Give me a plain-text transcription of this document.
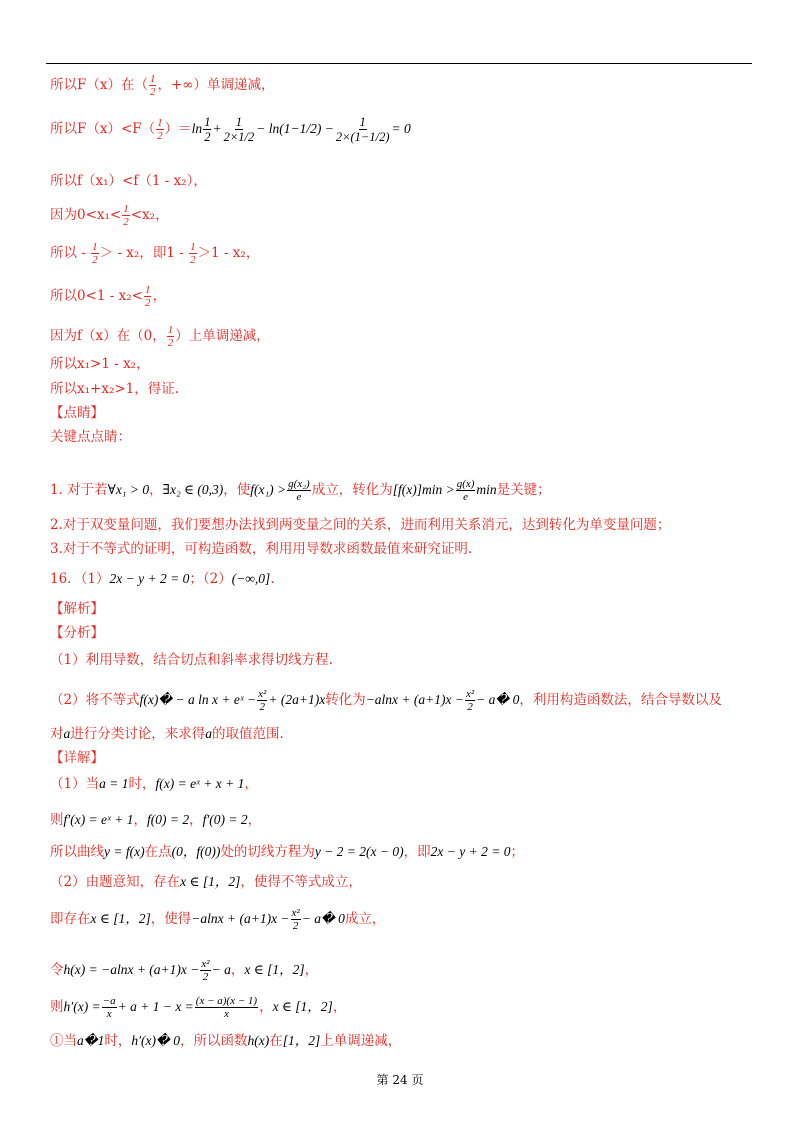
所以F（x）在（ $\frac{1}{2}$ ，+∞）单调递减，
所以$F(x)<F( \frac{1}{2} )=\ln \frac{1}{2} + \frac{1}{2\times 1/2} - \ln(1-1/2) - \frac{1}{2\times(1-1/2)} = 0$
所以f（x₁）<f（1 - x₂），
因为$0<x_1< \frac{1}{2} <x_2$，
所以 - $\frac{1}{2}$ ＞ - x₂，即$1 - \frac{1}{2} >1 - x_2$，
所以$0<1 - x_2< \frac{1}{2}$ ，
因为f（x）在（0， $\frac{1}{2}$ ）上单调递减，
所以x₁>1 - x₂，
所以x₁+x₂>1，得证.
【点睛】
关键点点睛：
1. 对于若∀x₁ > 0，∃x₂ ∈ (0,3)，使$f(x_1) > \frac{\text{g(x₂)}}{e}$ 成立，转化为$[f(x)]\min > \frac{g(x)}{e}$ min是关键；
2.对于双变量问题，我们要想办法找到两变量之间的关系，进而利用关系消元，达到转化为单变量问题；
3.对于不等式的证明，可构造函数，利用用导数求函数最值来研究证明.
16．（1）2x − y + 2 = 0；（2）(−∞,0].
【解析】
【分析】
（1）利用导数，结合切点和斜率求得切线方程.
（2）将不等式f(x)� − a ln x + eˣ − $\frac{\text{x²}}{2} + (2a+1)x$转化为$-alnx + (a+1)x - \frac{\text{x²}}{2}$ − a� 0，利用构造函数法，结合导数以及
对a进行分类讨论，来求得a的取值范围.
【详解】
（1）当a = 1时，f(x) = eˣ + x + 1，
则f′(x) = eˣ + 1，f(0) = 2，f′(0) = 2，
所以曲线y = f(x)在点(0，f(0))处的切线方程为y − 2 = 2(x − 0)，即2x − y + 2 = 0；
（2）由题意知，存在x ∈ [1，2]，使得不等式成立，
即存在x ∈ [1，2]，使得$-alnx + (a+1)x - \frac{\text{x²}}{2}$ − a� 0成立，
令$h(x) = -alnx + (a+1)x - \frac{\text{x²}}{2} - a$，x ∈ [1，2]，
则$h'(x) = \frac{-a}{x} + a + 1 - x = \frac{(x - a)(x - 1)}{x}$ ，x ∈ [1，2]，
①当a�1时，h′(x)� 0，所以函数h(x)在[1，2]上单调递减，
第 24 页
